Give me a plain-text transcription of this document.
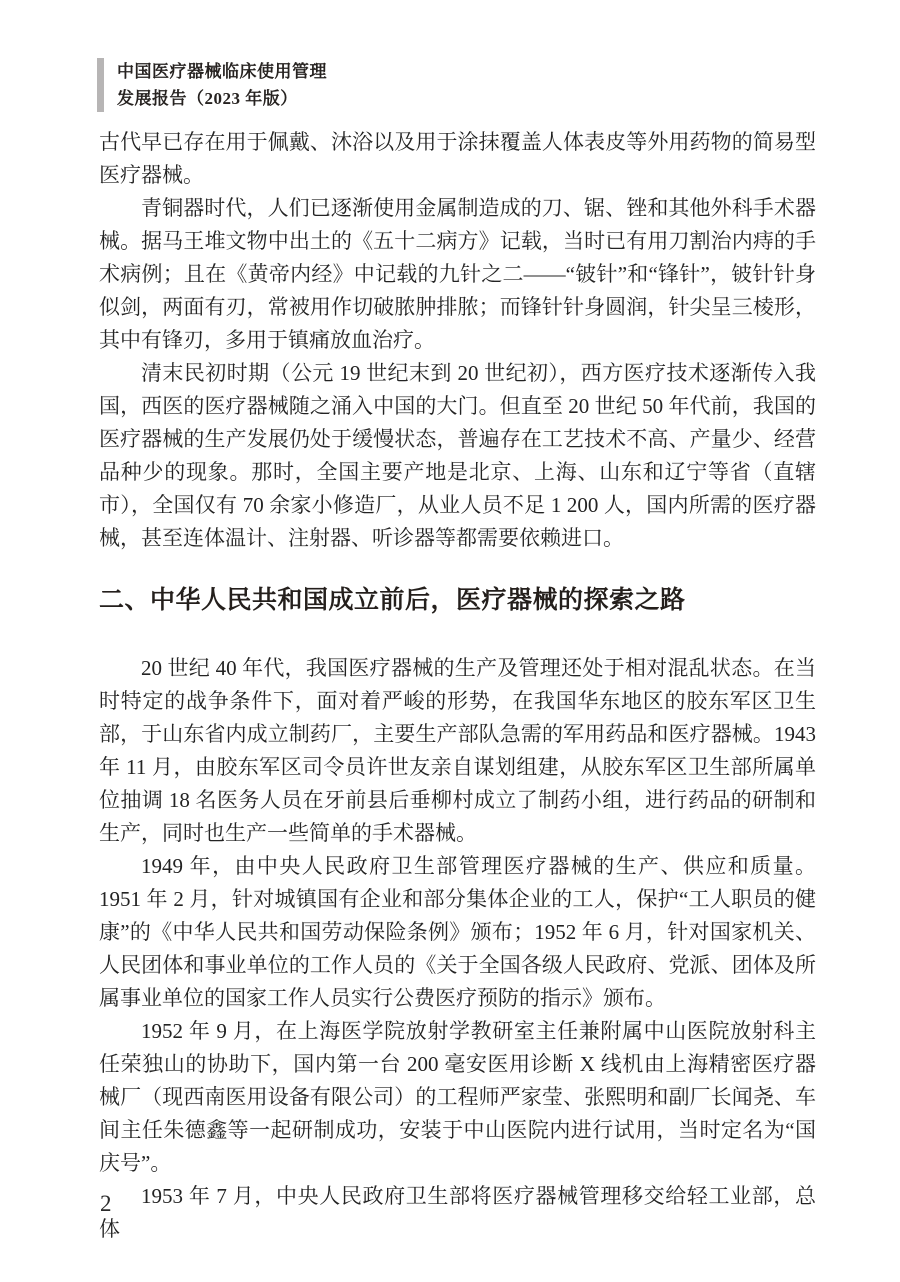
中国医疗器械临床使用管理
发展报告（2023 年版）

古代早已存在用于佩戴、沐浴以及用于涂抹覆盖人体表皮等外用药物的简易型医疗器械。

青铜器时代，人们已逐渐使用金属制造成的刀、锯、锉和其他外科手术器械。据马王堆文物中出土的《五十二病方》记载，当时已有用刀割治内痔的手术病例；且在《黄帝内经》中记载的九针之二——“铍针”和“锋针”，铍针针身似剑，两面有刃，常被用作切破脓肿排脓；而锋针针身圆润，针尖呈三棱形，其中有锋刃，多用于镇痛放血治疗。

清末民初时期（公元 19 世纪末到 20 世纪初），西方医疗技术逐渐传入我国，西医的医疗器械随之涌入中国的大门。但直至 20 世纪 50 年代前，我国的医疗器械的生产发展仍处于缓慢状态，普遍存在工艺技术不高、产量少、经营品种少的现象。那时，全国主要产地是北京、上海、山东和辽宁等省（直辖市），全国仅有 70 余家小修造厂，从业人员不足 1 200 人，国内所需的医疗器械，甚至连体温计、注射器、听诊器等都需要依赖进口。

二、中华人民共和国成立前后，医疗器械的探索之路

20 世纪 40 年代，我国医疗器械的生产及管理还处于相对混乱状态。在当时特定的战争条件下，面对着严峻的形势，在我国华东地区的胶东军区卫生部，于山东省内成立制药厂，主要生产部队急需的军用药品和医疗器械。1943 年 11 月，由胶东军区司令员许世友亲自谋划组建，从胶东军区卫生部所属单位抽调 18 名医务人员在牙前县后垂柳村成立了制药小组，进行药品的研制和生产，同时也生产一些简单的手术器械。

1949 年，由中央人民政府卫生部管理医疗器械的生产、供应和质量。1951 年 2 月，针对城镇国有企业和部分集体企业的工人，保护“工人职员的健康”的《中华人民共和国劳动保险条例》颁布；1952 年 6 月，针对国家机关、人民团体和事业单位的工作人员的《关于全国各级人民政府、党派、团体及所属事业单位的国家工作人员实行公费医疗预防的指示》颁布。

1952 年 9 月，在上海医学院放射学教研室主任兼附属中山医院放射科主任荣独山的协助下，国内第一台 200 毫安医用诊断 X 线机由上海精密医疗器械厂（现西南医用设备有限公司）的工程师严家莹、张熙明和副厂长闻尧、车间主任朱德鑫等一起研制成功，安装于中山医院内进行试用，当时定名为“国庆号”。

1953 年 7 月，中央人民政府卫生部将医疗器械管理移交给轻工业部，总体

2
